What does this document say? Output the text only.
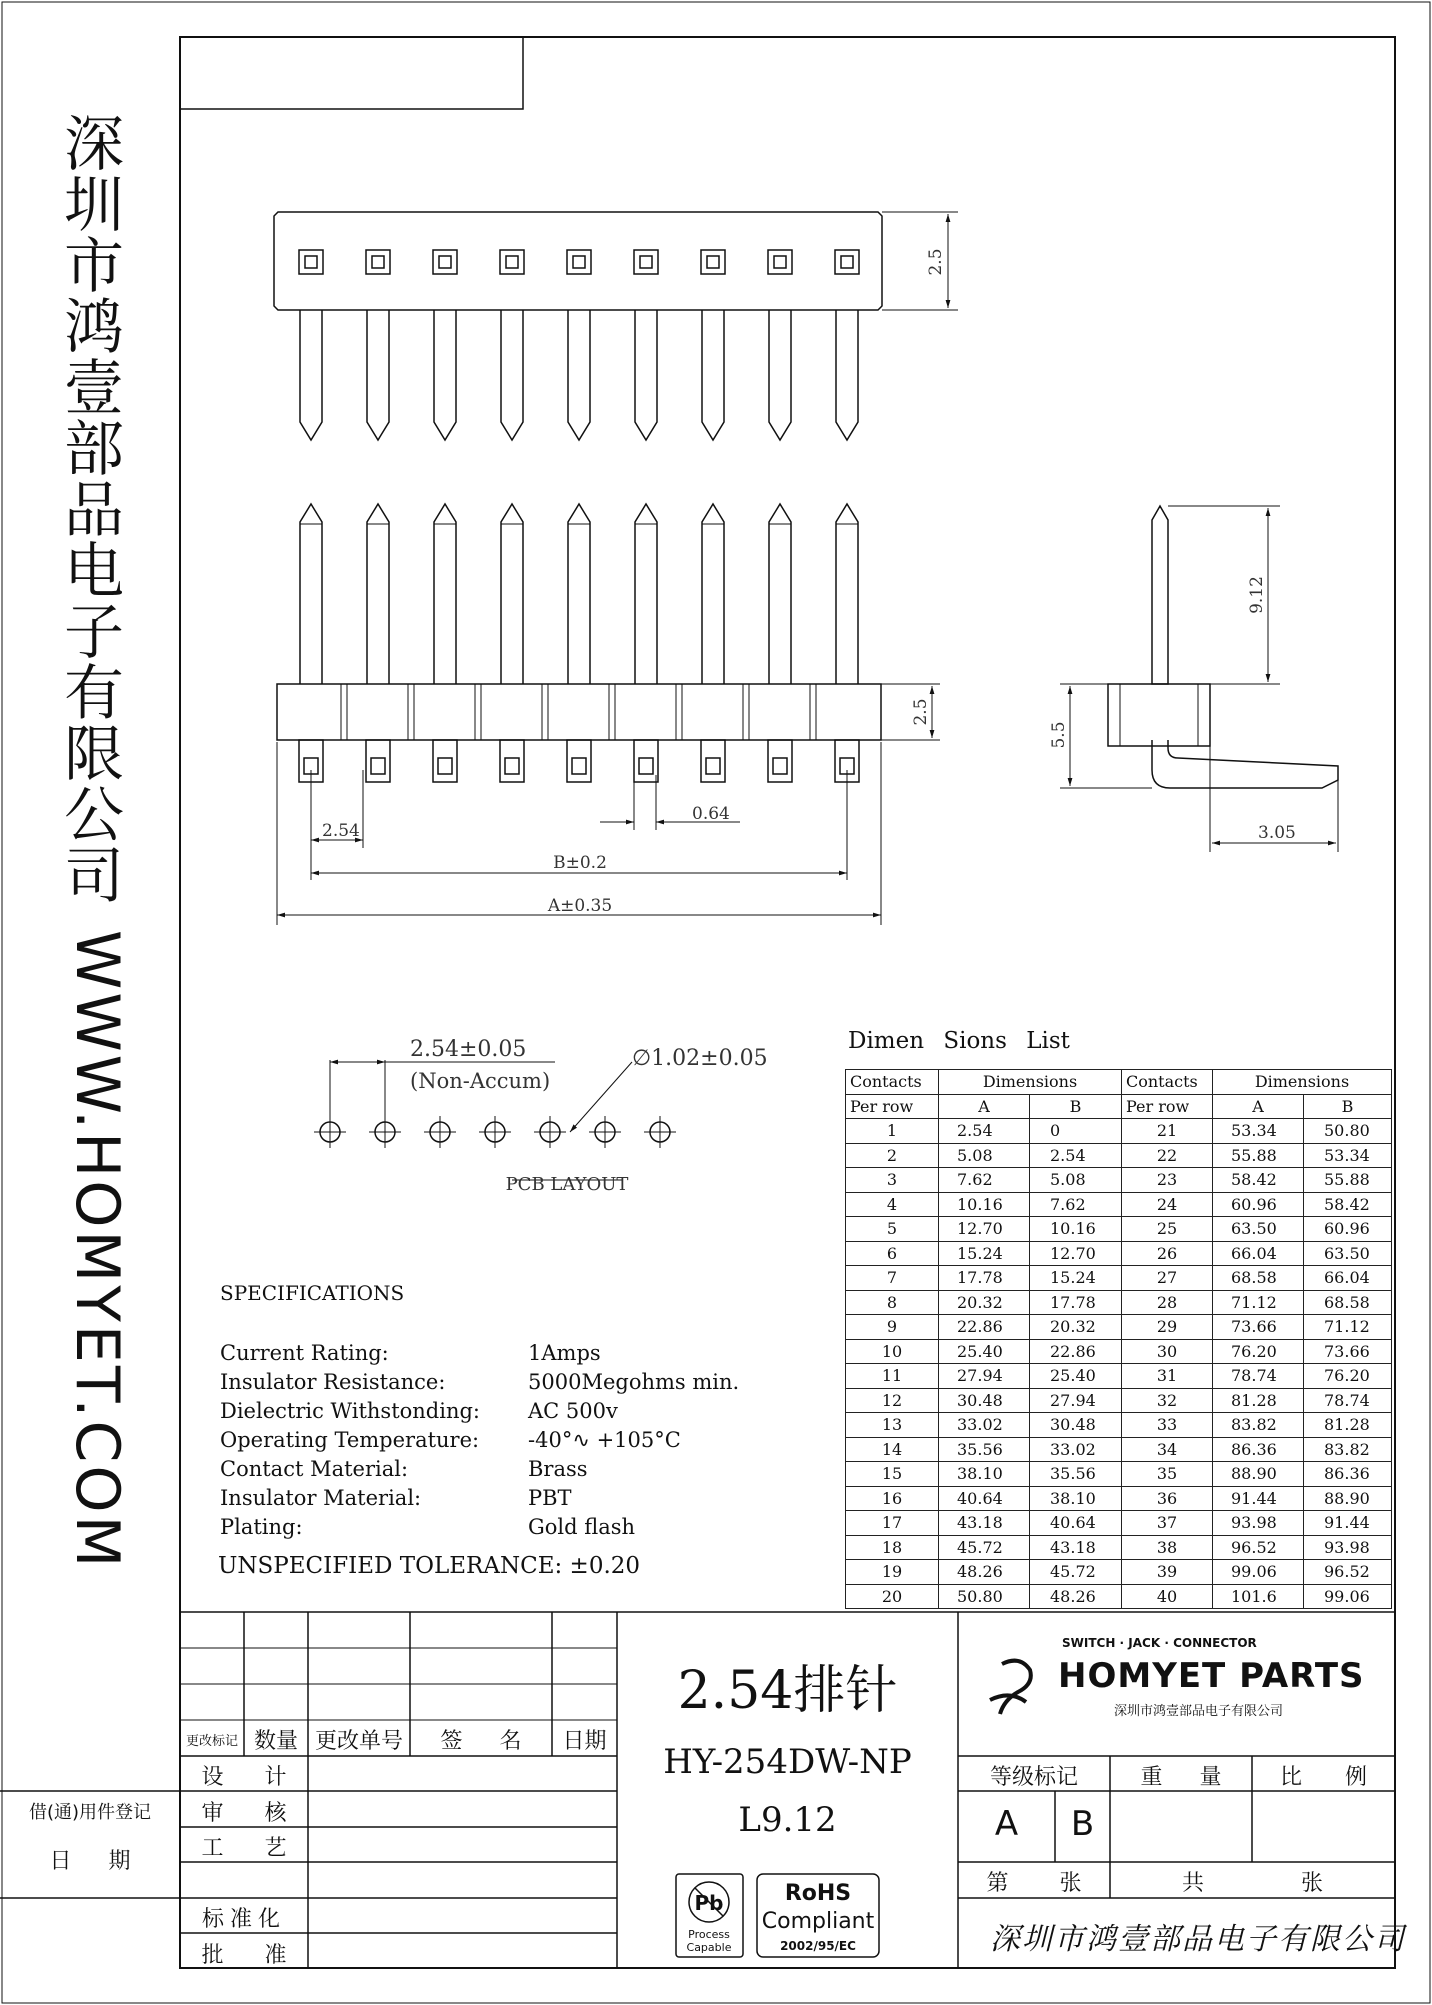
深圳市鸿壹部品电子有限公司
WWW.HOMYET.COM
2.5
2.5
2.54
0.64
B±0.2
A±0.35
9.12
5.5
3.05
2.54±0.05
(Non-Accum)
∅1.02±0.05
PCB LAYOUT
Pb
Process
Capable
RoHS
Compliant
2002/95/EC
Dimen Sions List
Contacts	Dimensions		Contacts	Dimensions	
Per row	A	B	Per row	A	B
1	2.54	0	21	53.34	50.80
2	5.08	2.54	22	55.88	53.34
3	7.62	5.08	23	58.42	55.88
4	10.16	7.62	24	60.96	58.42
5	12.70	10.16	25	63.50	60.96
6	15.24	12.70	26	66.04	63.50
7	17.78	15.24	27	68.58	66.04
8	20.32	17.78	28	71.12	68.58
9	22.86	20.32	29	73.66	71.12
10	25.40	22.86	30	76.20	73.66
11	27.94	25.40	31	78.74	76.20
12	30.48	27.94	32	81.28	78.74
13	33.02	30.48	33	83.82	81.28
14	35.56	33.02	34	86.36	83.82
15	38.10	35.56	35	88.90	86.36
16	40.64	38.10	36	91.44	88.90
17	43.18	40.64	37	93.98	91.44
18	45.72	43.18	38	96.52	93.98
19	48.26	45.72	39	99.06	96.52
20	50.80	48.26	40	101.6	99.06
SPECIFICATIONS
Current Rating:	1Amps
Insulator Resistance:	5000Megohms min.
Dielectric Withstonding:	AC 500v
Operating Temperature:	-40°∿ +105°C
Contact Material:	Brass
Insulator Material:	PBT
Plating:	Gold flash
UNSPECIFIED TOLERANCE: ±0.20
2.54排针
HY-254DW-NP
L9.12
更改标记 数量 更改单号	签 名	日期
设 计
审 核
工 艺
标准化
批 准
借(通)用件登记
日 期
SWITCH · JACK · CONNECTOR
HOMYET PARTS
深圳市鸿壹部品电子有限公司
等级标记	重 量	比 例
A	B
第 张	共 张
深圳市鸿壹部品电子有限公司
